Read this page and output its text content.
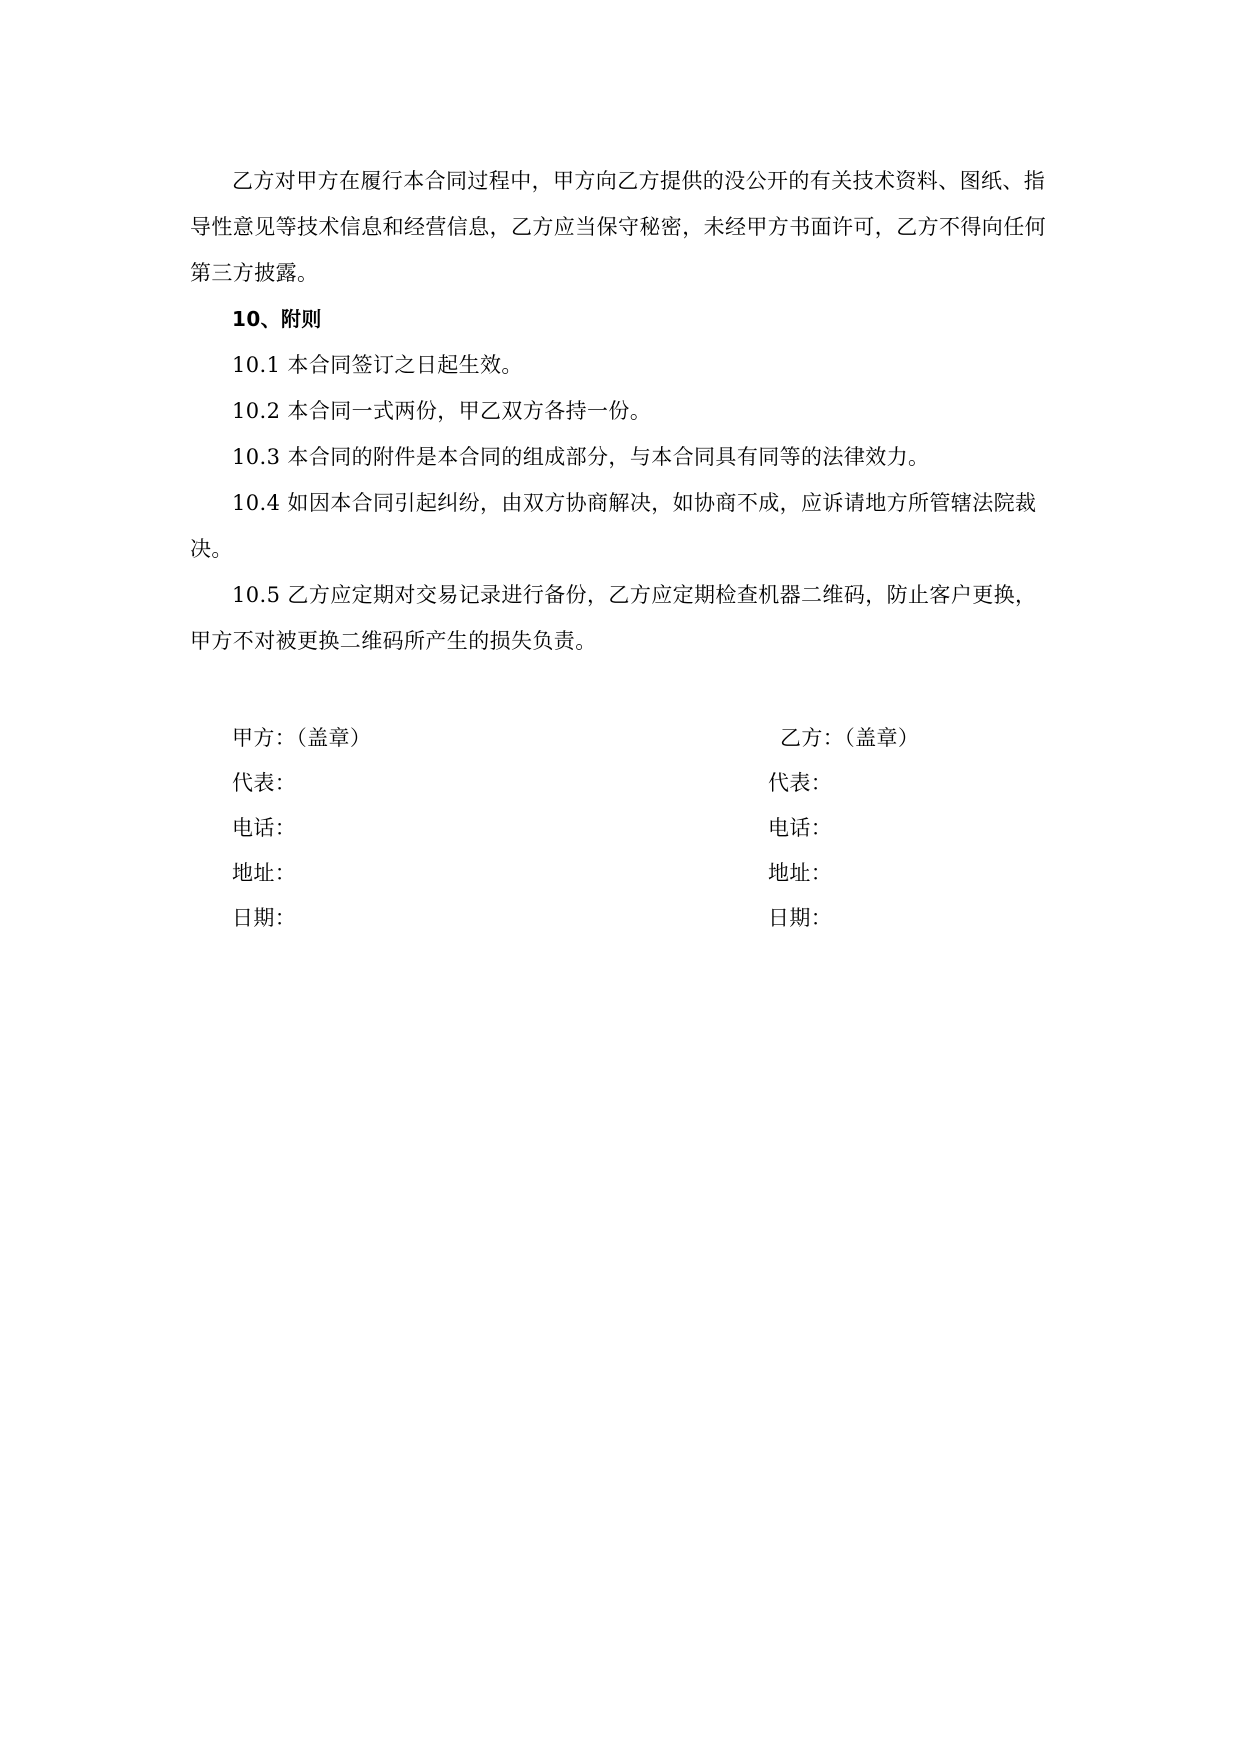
乙方对甲方在履行本合同过程中，甲方向乙方提供的没公开的有关技术资料、图纸、指导性意见等技术信息和经营信息，乙方应当保守秘密，未经甲方书面许可，乙方不得向任何第三方披露。

10、附则

10.1 本合同签订之日起生效。

10.2 本合同一式两份，甲乙双方各持一份。

10.3 本合同的附件是本合同的组成部分，与本合同具有同等的法律效力。

10.4 如因本合同引起纠纷，由双方协商解决，如协商不成，应诉请地方所管辖法院裁决。

10.5 乙方应定期对交易记录进行备份，乙方应定期检查机器二维码，防止客户更换，甲方不对被更换二维码所产生的损失负责。

甲方：（盖章）
代表：
电话：
地址：
日期：
乙方：（盖章）
代表：
电话：
地址：
日期：
